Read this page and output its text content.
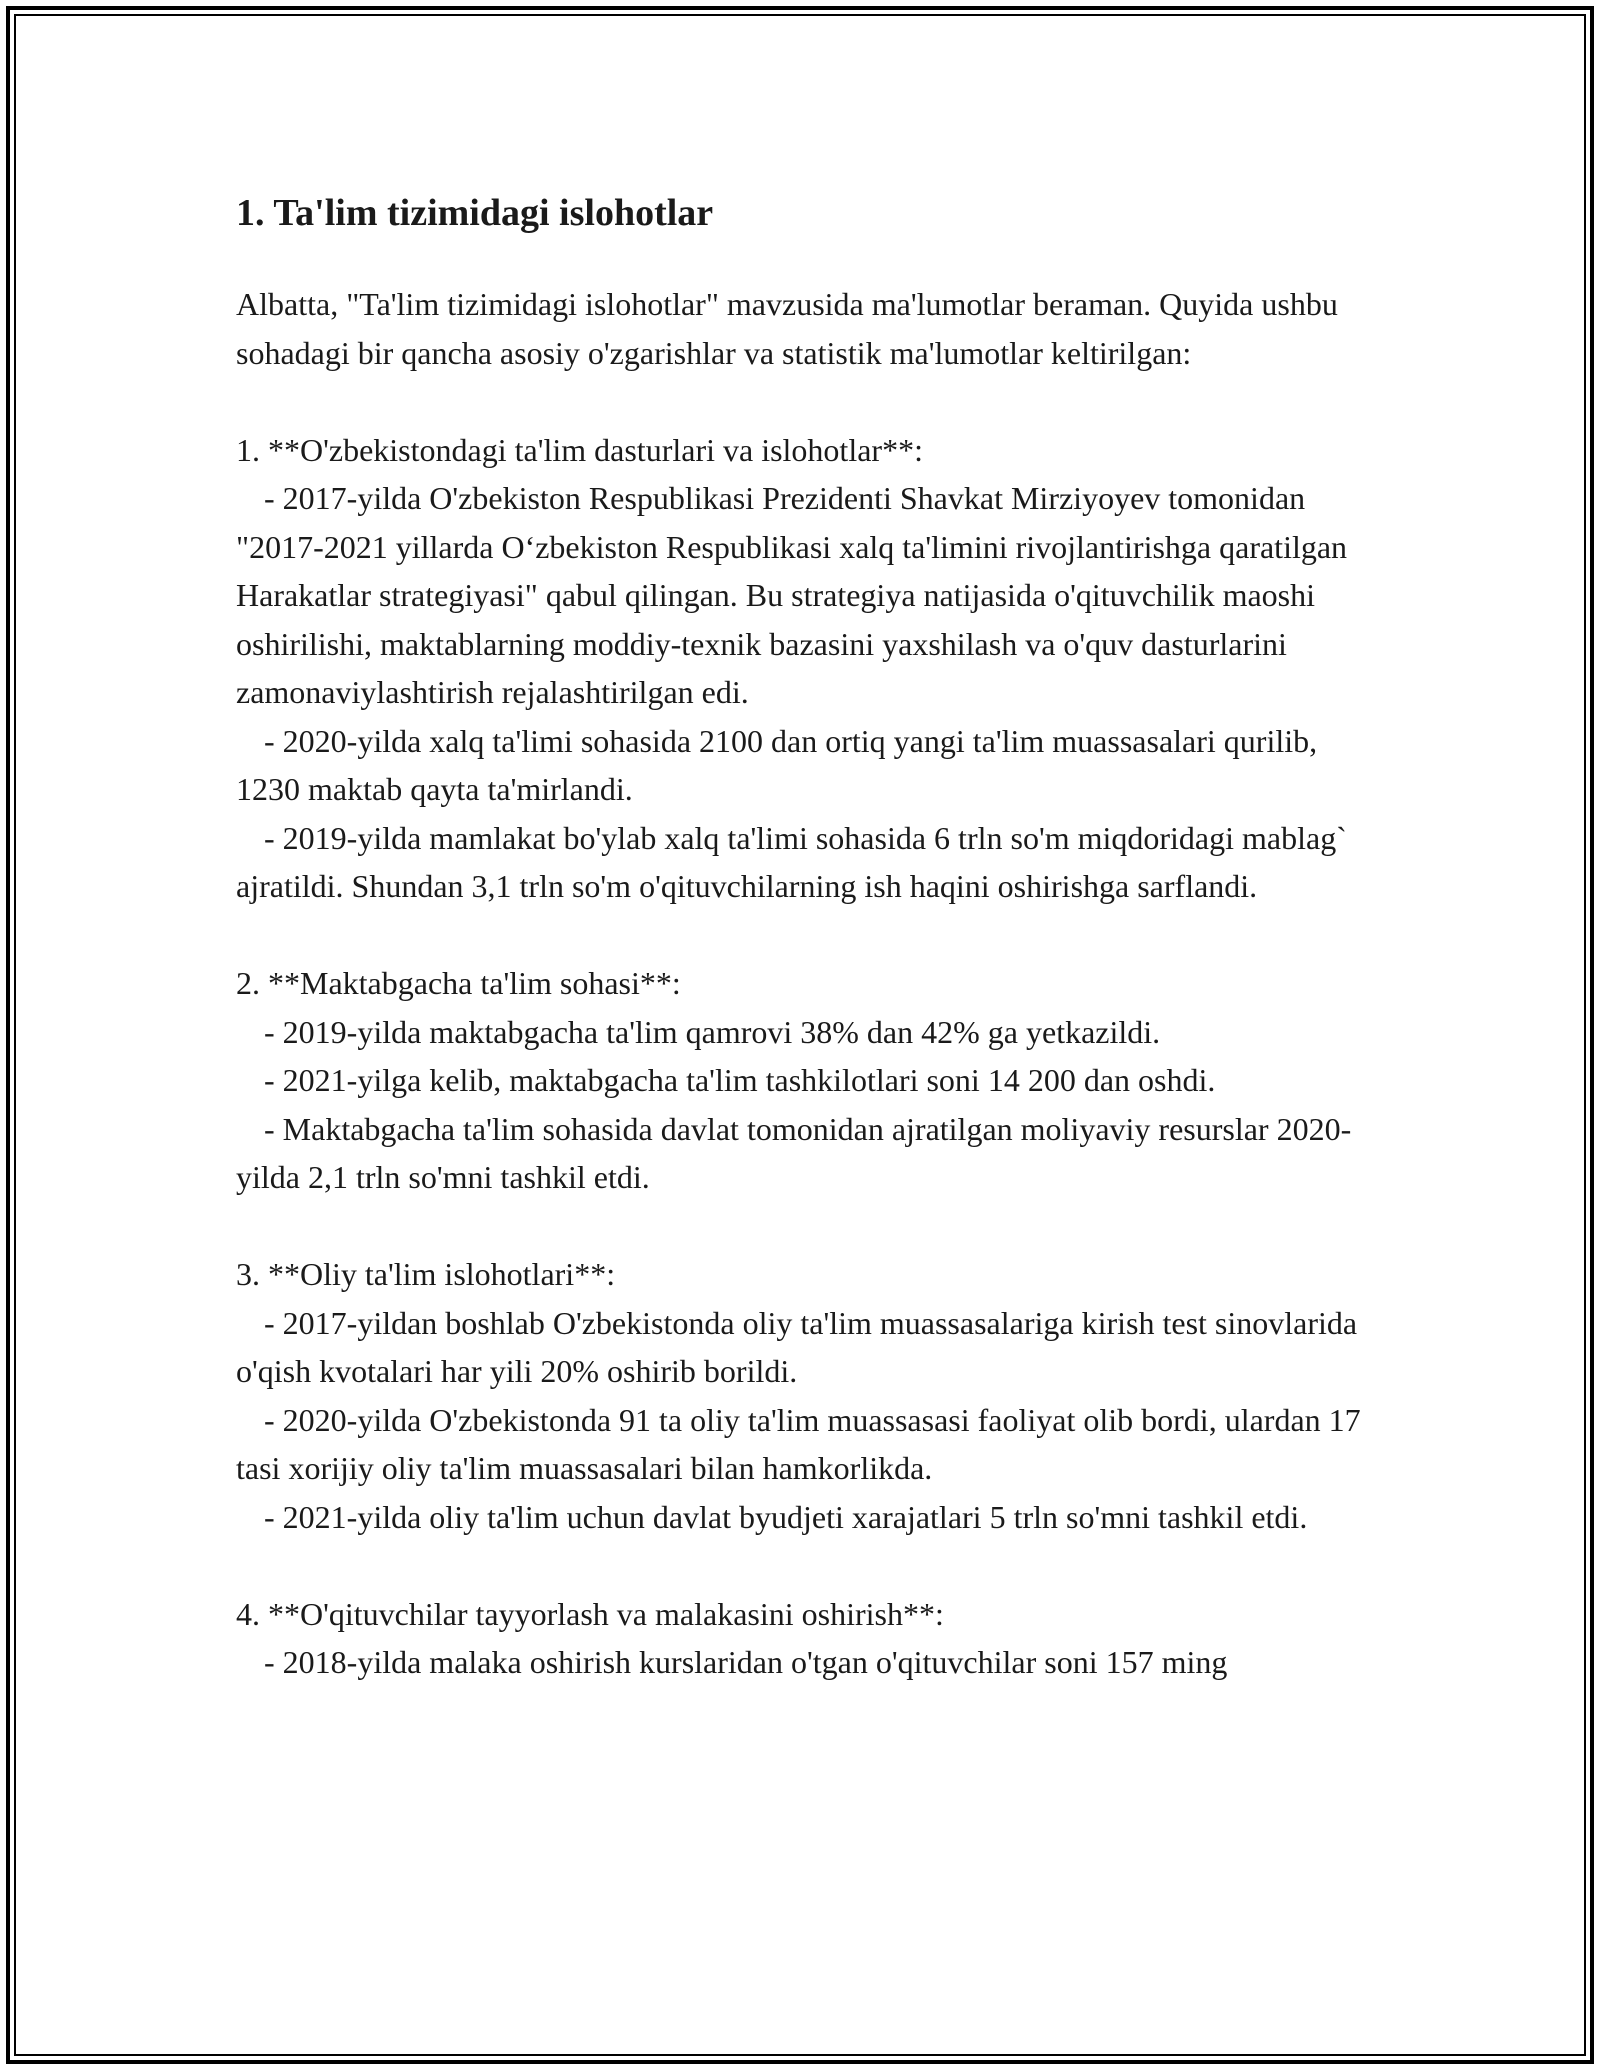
1. Ta'lim tizimidagi islohotlar

Albatta, "Ta'lim tizimidagi islohotlar" mavzusida ma'lumotlar beraman. Quyida ushbu sohadagi bir qancha asosiy o'zgarishlar va statistik ma'lumotlar keltirilgan:

1. **O'zbekistondagi ta'lim dasturlari va islohotlar**:

- 2017-yilda O'zbekiston Respublikasi Prezidenti Shavkat Mirziyoyev tomonidan "2017-2021 yillarda O‘zbekiston Respublikasi xalq ta'limini rivojlantirishga qaratilgan Harakatlar strategiyasi" qabul qilingan. Bu strategiya natijasida o'qituvchilik maoshi oshirilishi, maktablarning moddiy-texnik bazasini yaxshilash va o'quv dasturlarini zamonaviylashtirish rejalashtirilgan edi.

- 2020-yilda xalq ta'limi sohasida 2100 dan ortiq yangi ta'lim muassasalari qurilib, 1230 maktab qayta ta'mirlandi.

- 2019-yilda mamlakat bo'ylab xalq ta'limi sohasida 6 trln so'm miqdoridagi mablag` ajratildi. Shundan 3,1 trln so'm o'qituvchilarning ish haqini oshirishga sarflandi.

2. **Maktabgacha ta'lim sohasi**:

- 2019-yilda maktabgacha ta'lim qamrovi 38% dan 42% ga yetkazildi.

- 2021-yilga kelib, maktabgacha ta'lim tashkilotlari soni 14 200 dan oshdi.

- Maktabgacha ta'lim sohasida davlat tomonidan ajratilgan moliyaviy resurslar 2020-yilda 2,1 trln so'mni tashkil etdi.

3. **Oliy ta'lim islohotlari**:

- 2017-yildan boshlab O'zbekistonda oliy ta'lim muassasalariga kirish test sinovlarida o'qish kvotalari har yili 20% oshirib borildi.

- 2020-yilda O'zbekistonda 91 ta oliy ta'lim muassasasi faoliyat olib bordi, ulardan 17 tasi xorijiy oliy ta'lim muassasalari bilan hamkorlikda.

- 2021-yilda oliy ta'lim uchun davlat byudjeti xarajatlari 5 trln so'mni tashkil etdi.

4. **O'qituvchilar tayyorlash va malakasini oshirish**:

- 2018-yilda malaka oshirish kurslaridan o'tgan o'qituvchilar soni 157 ming
